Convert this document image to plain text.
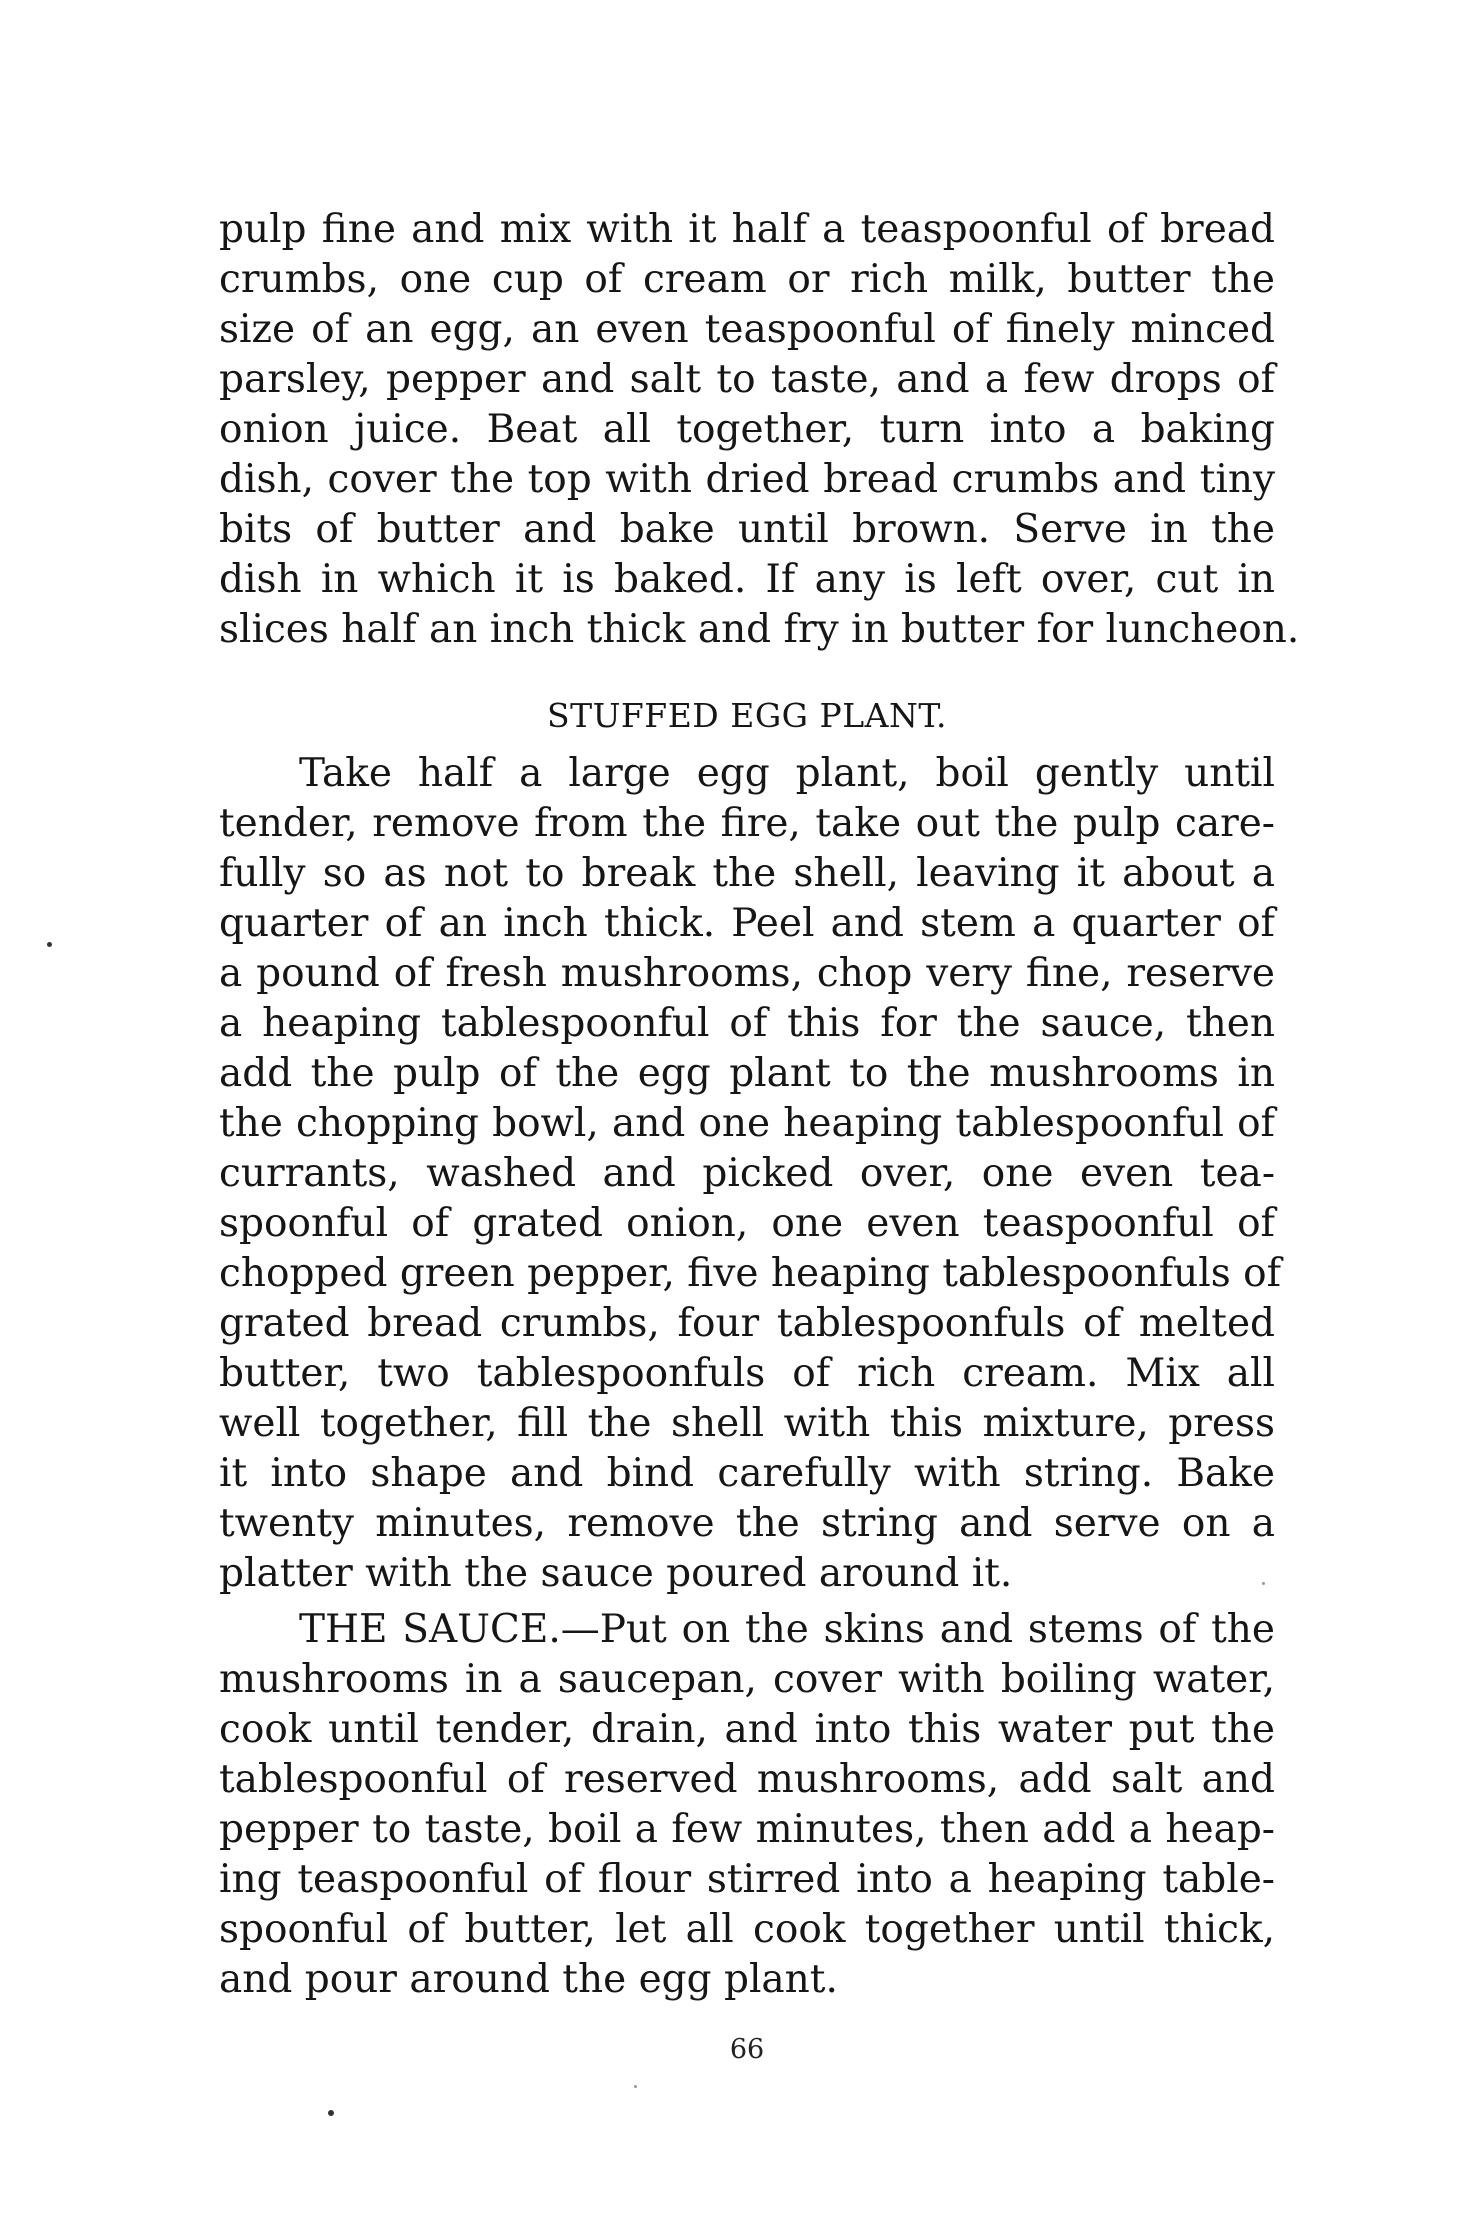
pulp fine and mix with it half a teaspoonful of bread

crumbs, one cup of cream or rich milk, butter the

size of an egg, an even teaspoonful of finely minced

parsley, pepper and salt to taste, and a few drops of

onion juice. Beat all together, turn into a baking

dish, cover the top with dried bread crumbs and tiny

bits of butter and bake until brown. Serve in the

dish in which it is baked. If any is left over, cut in

slices half an inch thick and fry in butter for luncheon.

STUFFED EGG PLANT.

Take half a large egg plant, boil gently until

tender, remove from the fire, take out the pulp care-

fully so as not to break the shell, leaving it about a

quarter of an inch thick. Peel and stem a quarter of

a pound of fresh mushrooms, chop very fine, reserve

a heaping tablespoonful of this for the sauce, then

add the pulp of the egg plant to the mushrooms in

the chopping bowl, and one heaping tablespoonful of

currants, washed and picked over, one even tea-

spoonful of grated onion, one even teaspoonful of

chopped green pepper, five heaping tablespoonfuls of

grated bread crumbs, four tablespoonfuls of melted

butter, two tablespoonfuls of rich cream. Mix all

well together, fill the shell with this mixture, press

it into shape and bind carefully with string. Bake

twenty minutes, remove the string and serve on a

platter with the sauce poured around it.

THE SAUCE.—Put on the skins and stems of the

mushrooms in a saucepan, cover with boiling water,

cook until tender, drain, and into this water put the

tablespoonful of reserved mushrooms, add salt and

pepper to taste, boil a few minutes, then add a heap-

ing teaspoonful of flour stirred into a heaping table-

spoonful of butter, let all cook together until thick,

and pour around the egg plant.

66
